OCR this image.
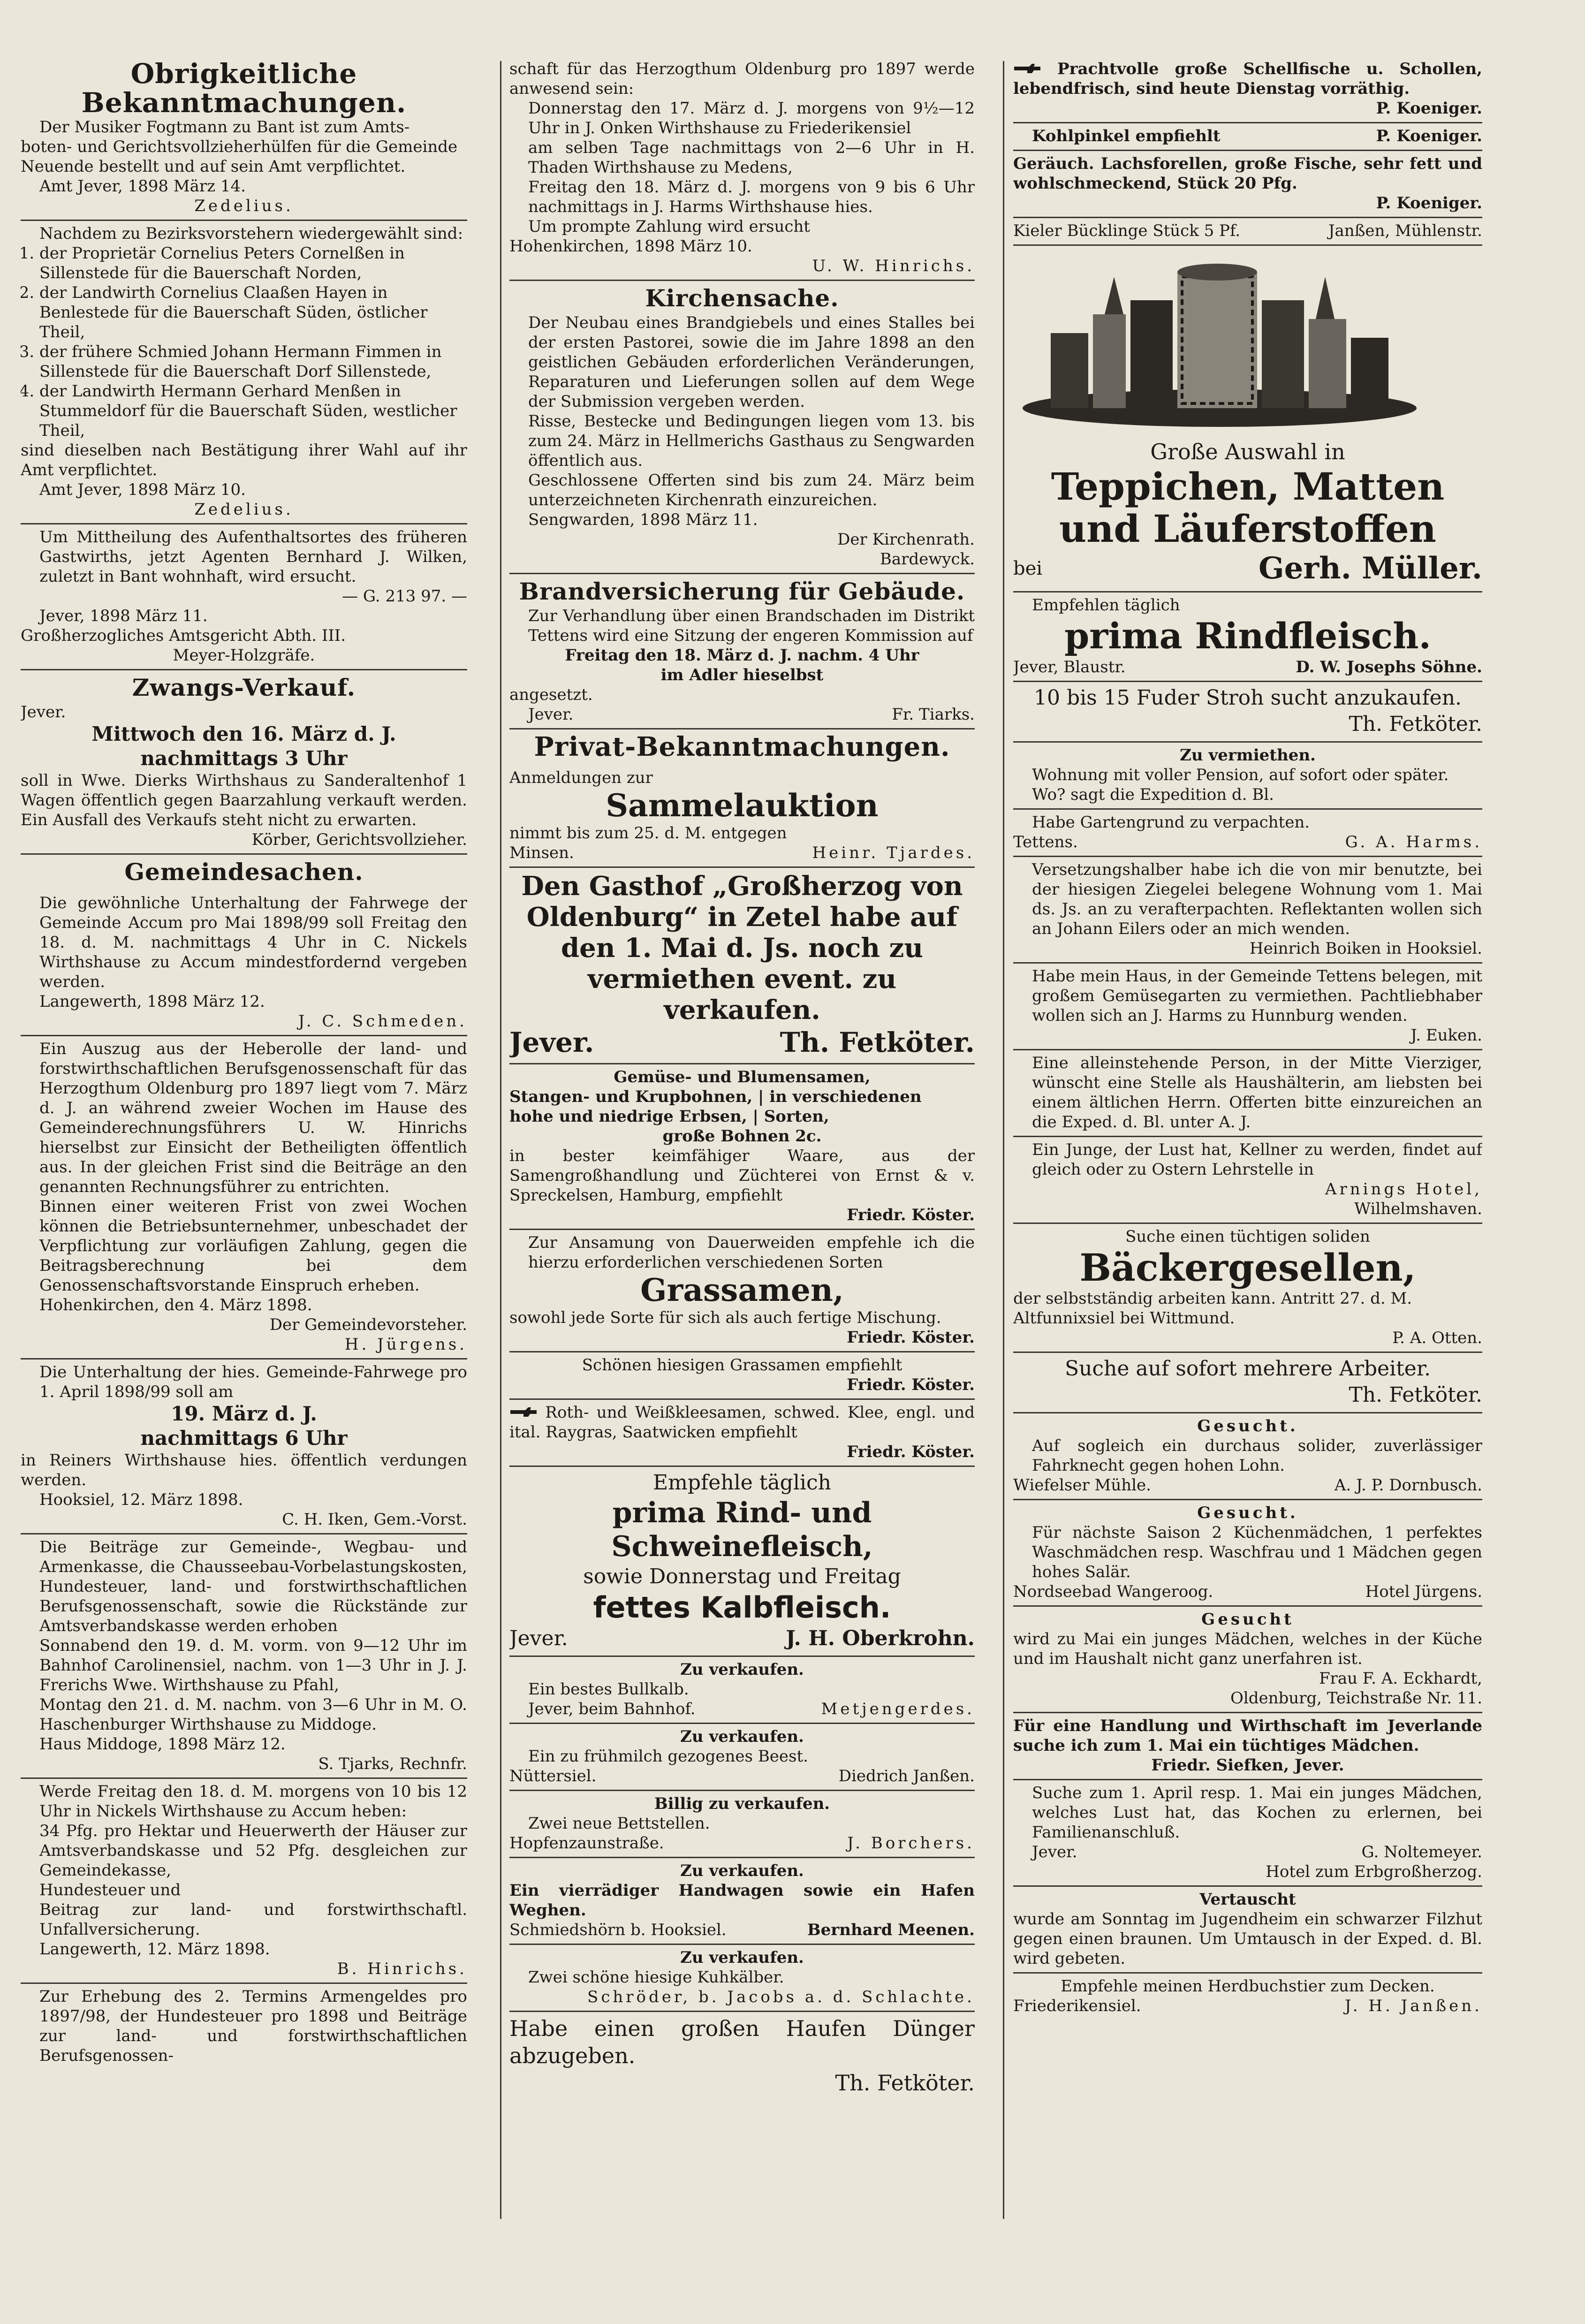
Obrigkeitliche Bekanntmachungen.

Der Musiker Fogtmann zu Bant ist zum Amts-

boten- und Gerichtsvollzieherhülfen für die Gemeinde

Neuende bestellt und auf sein Amt verpflichtet.

Amt Jever, 1898 März 14.

Zedelius.

Nachdem zu Bezirksvorstehern wiedergewählt sind:

1. der Proprietär Cornelius Peters Cornelßen in Sillenstede für die Bauerschaft Norden,
2. der Landwirth Cornelius Claaßen Hayen in Benlestede für die Bauerschaft Süden, östlicher Theil,
3. der frühere Schmied Johann Hermann Fimmen in Sillenstede für die Bauerschaft Dorf Sillenstede,
4. der Landwirth Hermann Gerhard Menßen in Stummeldorf für die Bauerschaft Süden, westlicher Theil,

sind dieselben nach Bestätigung ihrer Wahl auf ihr Amt verpflichtet.

Amt Jever, 1898 März 10.

Zedelius.

Um Mittheilung des Aufenthaltsortes des früheren Gastwirths, jetzt Agenten Bernhard J. Wilken, zuletzt in Bant wohnhaft, wird ersucht.

— G. 213 97. —

Jever, 1898 März 11.

Großherzogliches Amtsgericht Abth. III.

Meyer-Holzgräfe.

Zwangs-Verkauf.

Jever.

Mittwoch den 16. März d. J.

nachmittags 3 Uhr

soll in Wwe. Dierks Wirthshaus zu Sanderaltenhof 1 Wagen öffentlich gegen Baarzahlung verkauft werden. Ein Ausfall des Verkaufs steht nicht zu erwarten.

Körber, Gerichtsvollzieher.

Gemeindesachen.

Die gewöhnliche Unterhaltung der Fahrwege der Gemeinde Accum pro Mai 1898/99 soll Freitag den 18. d. M. nachmittags 4 Uhr in C. Nickels Wirthshause zu Accum mindestfordernd vergeben werden.

Langewerth, 1898 März 12.

J. C. Schmeden.

Ein Auszug aus der Heberolle der land- und forstwirthschaftlichen Berufsgenossenschaft für das Herzogthum Oldenburg pro 1897 liegt vom 7. März d. J. an während zweier Wochen im Hause des Gemeinderechnungsführers U. W. Hinrichs hierselbst zur Einsicht der Betheiligten öffentlich aus. In der gleichen Frist sind die Beiträge an den genannten Rechnungsführer zu entrichten.

Binnen einer weiteren Frist von zwei Wochen können die Betriebsunternehmer, unbeschadet der Verpflichtung zur vorläufigen Zahlung, gegen die Beitragsberechnung bei dem Genossenschaftsvorstande Einspruch erheben.

Hohenkirchen, den 4. März 1898.

Der Gemeindevorsteher.

H. Jürgens.

Die Unterhaltung der hies. Gemeinde-Fahrwege pro 1. April 1898/99 soll am

19. März d. J.

nachmittags 6 Uhr

in Reiners Wirthshause hies. öffentlich verdungen werden.

Hooksiel, 12. März 1898.

C. H. Iken, Gem.-Vorst.

Die Beiträge zur Gemeinde-, Wegbau- und Armenkasse, die Chausseebau-Vorbelastungskosten, Hundesteuer, land- und forstwirthschaftlichen Berufsgenossenschaft, sowie die Rückstände zur Amtsverbandskasse werden erhoben

Sonnabend den 19. d. M. vorm. von 9—12 Uhr im Bahnhof Carolinensiel, nachm. von 1—3 Uhr in J. J. Frerichs Wwe. Wirthshause zu Pfahl,

Montag den 21. d. M. nachm. von 3—6 Uhr in M. O. Haschenburger Wirthshause zu Middoge.

Haus Middoge, 1898 März 12.

S. Tjarks, Rechnfr.

Werde Freitag den 18. d. M. morgens von 10 bis 12 Uhr in Nickels Wirthshause zu Accum heben:

34 Pfg. pro Hektar und Heuerwerth der Häuser zur Amtsverbandskasse und 52 Pfg. desgleichen zur Gemeindekasse,

Hundesteuer und

Beitrag zur land- und forstwirthschaftl. Unfallversicherung.

Langewerth, 12. März 1898.

B. Hinrichs.

Zur Erhebung des 2. Termins Armengeldes pro 1897/98, der Hundesteuer pro 1898 und Beiträge zur land- und forstwirthschaftlichen Berufsgenossen-

schaft für das Herzogthum Oldenburg pro 1897 werde anwesend sein:

Donnerstag den 17. März d. J. morgens von 9½—12 Uhr in J. Onken Wirthshause zu Friederikensiel

am selben Tage nachmittags von 2—6 Uhr in H. Thaden Wirthshause zu Medens,

Freitag den 18. März d. J. morgens von 9 bis 6 Uhr nachmittags in J. Harms Wirthshause hies.

Um prompte Zahlung wird ersucht

Hohenkirchen, 1898 März 10.

U. W. Hinrichs.

Kirchensache.

Der Neubau eines Brandgiebels und eines Stalles bei der ersten Pastorei, sowie die im Jahre 1898 an den geistlichen Gebäuden erforderlichen Veränderungen, Reparaturen und Lieferungen sollen auf dem Wege der Submission vergeben werden.

Risse, Bestecke und Bedingungen liegen vom 13. bis zum 24. März in Hellmerichs Gasthaus zu Sengwarden öffentlich aus.

Geschlossene Offerten sind bis zum 24. März beim unterzeichneten Kirchenrath einzureichen.

Sengwarden, 1898 März 11.

Der Kirchenrath.

Bardewyck.

Brandversicherung für Gebäude.

Zur Verhandlung über einen Brandschaden im Distrikt Tettens wird eine Sitzung der engeren Kommission auf

Freitag den 18. März d. J. nachm. 4 Uhr

im Adler hieselbst

angesetzt.

Jever.	Fr. Tiarks.
Privat-Bekanntmachungen.

Anmeldungen zur

Sammelauktion

nimmt bis zum 25. d. M. entgegen

Minsen.	Heinr. Tjardes.
Den Gasthof „Großherzog von Oldenburg“ in Zetel habe auf den 1. Mai d. Js. noch zu vermiethen event. zu verkaufen.
Jever.	Th. Fetköter.

Gemüse- und Blumensamen,

Stangen- und Krupbohnen, | in verschiedenen

hohe und niedrige Erbsen, | Sorten,

große Bohnen 2c.

in bester keimfähiger Waare, aus der Samengroßhandlung und Züchterei von Ernst & v. Spreckelsen, Hamburg, empfiehlt

Friedr. Köster.

Zur Ansamung von Dauerweiden empfehle ich die hierzu erforderlichen verschiedenen Sorten

Grassamen,

sowohl jede Sorte für sich als auch fertige Mischung.

Friedr. Köster.

Schönen hiesigen Grassamen empfiehlt

Friedr. Köster.

Roth- und Weißkleesamen, schwed. Klee, engl. und ital. Raygras, Saatwicken empfiehlt

Friedr. Köster.

Empfehle täglich

prima Rind- und Schweinefleisch,

sowie Donnerstag und Freitag

fettes Kalbfleisch.
Jever.	J. H. Oberkrohn.

Zu verkaufen.

Ein bestes Bullkalb.

Jever, beim Bahnhof.	Metjengerdes.

Zu verkaufen.

Ein zu frühmilch gezogenes Beest.

Nüttersiel.	Diedrich Janßen.

Billig zu verkaufen.

Zwei neue Bettstellen.

Hopfenzaunstraße.	J. Borchers.

Zu verkaufen.

Ein vierrädiger Handwagen sowie ein Hafen Weghen.

Schmiedshörn b. Hooksiel.	Bernhard Meenen.

Zu verkaufen.

Zwei schöne hiesige Kuhkälber.

Schröder, b. Jacobs a. d. Schlachte.

Habe einen großen Haufen Dünger abzugeben.

Th. Fetköter.

Prachtvolle große Schellfische u. Schollen, lebendfrisch, sind heute Dienstag vorräthig.

P. Koeniger.

Kohlpinkel empfiehlt	P. Koeniger.

Geräuch. Lachsforellen, große Fische, sehr fett und wohlschmeckend, Stück 20 Pfg.

P. Koeniger.

Kieler Bücklinge Stück 5 Pf.	Janßen, Mühlenstr.

Große Auswahl in

Teppichen, Matten
und Läuferstoffen
bei	Gerh. Müller.

Empfehlen täglich

prima Rindfleisch.
Jever, Blaustr.	D. W. Josephs Söhne.

10 bis 15 Fuder Stroh sucht anzukaufen.

Th. Fetköter.

Zu vermiethen.

Wohnung mit voller Pension, auf sofort oder später.

Wo? sagt die Expedition d. Bl.

Habe Gartengrund zu verpachten.

Tettens.	G. A. Harms.

Versetzungshalber habe ich die von mir benutzte, bei der hiesigen Ziegelei belegene Wohnung vom 1. Mai ds. Js. an zu verafterpachten. Reflektanten wollen sich an Johann Eilers oder an mich wenden.

Heinrich Boiken in Hooksiel.

Habe mein Haus, in der Gemeinde Tettens belegen, mit großem Gemüsegarten zu vermiethen. Pachtliebhaber wollen sich an J. Harms zu Hunnburg wenden.

J. Euken.

Eine alleinstehende Person, in der Mitte Vierziger, wünscht eine Stelle als Haushälterin, am liebsten bei einem ältlichen Herrn. Offerten bitte einzureichen an die Exped. d. Bl. unter A. J.

Ein Junge, der Lust hat, Kellner zu werden, findet auf gleich oder zu Ostern Lehrstelle in

Arnings Hotel,

Wilhelmshaven.

Suche einen tüchtigen soliden

Bäckergesellen,

der selbstständig arbeiten kann. Antritt 27. d. M.

Altfunnixsiel bei Wittmund.

P. A. Otten.

Suche auf sofort mehrere Arbeiter.

Th. Fetköter.

Gesucht.

Auf sogleich ein durchaus solider, zuverlässiger Fahrknecht gegen hohen Lohn.

Wiefelser Mühle.	A. J. P. Dornbusch.

Gesucht.

Für nächste Saison 2 Küchenmädchen, 1 perfektes Waschmädchen resp. Waschfrau und 1 Mädchen gegen hohes Salär.

Nordseebad Wangeroog.	Hotel Jürgens.

Gesucht

wird zu Mai ein junges Mädchen, welches in der Küche und im Haushalt nicht ganz unerfahren ist.

Frau F. A. Eckhardt,

Oldenburg, Teichstraße Nr. 11.

Für eine Handlung und Wirthschaft im Jeverlande suche ich zum 1. Mai ein tüchtiges Mädchen.

Friedr. Siefken, Jever.

Suche zum 1. April resp. 1. Mai ein junges Mädchen, welches Lust hat, das Kochen zu erlernen, bei Familienanschluß.

Jever.	G. Noltemeyer.

Hotel zum Erbgroßherzog.

Vertauscht

wurde am Sonntag im Jugendheim ein schwarzer Filzhut gegen einen braunen. Um Umtausch in der Exped. d. Bl. wird gebeten.

Empfehle meinen Herdbuchstier zum Decken.

Friederikensiel.	J. H. Janßen.
